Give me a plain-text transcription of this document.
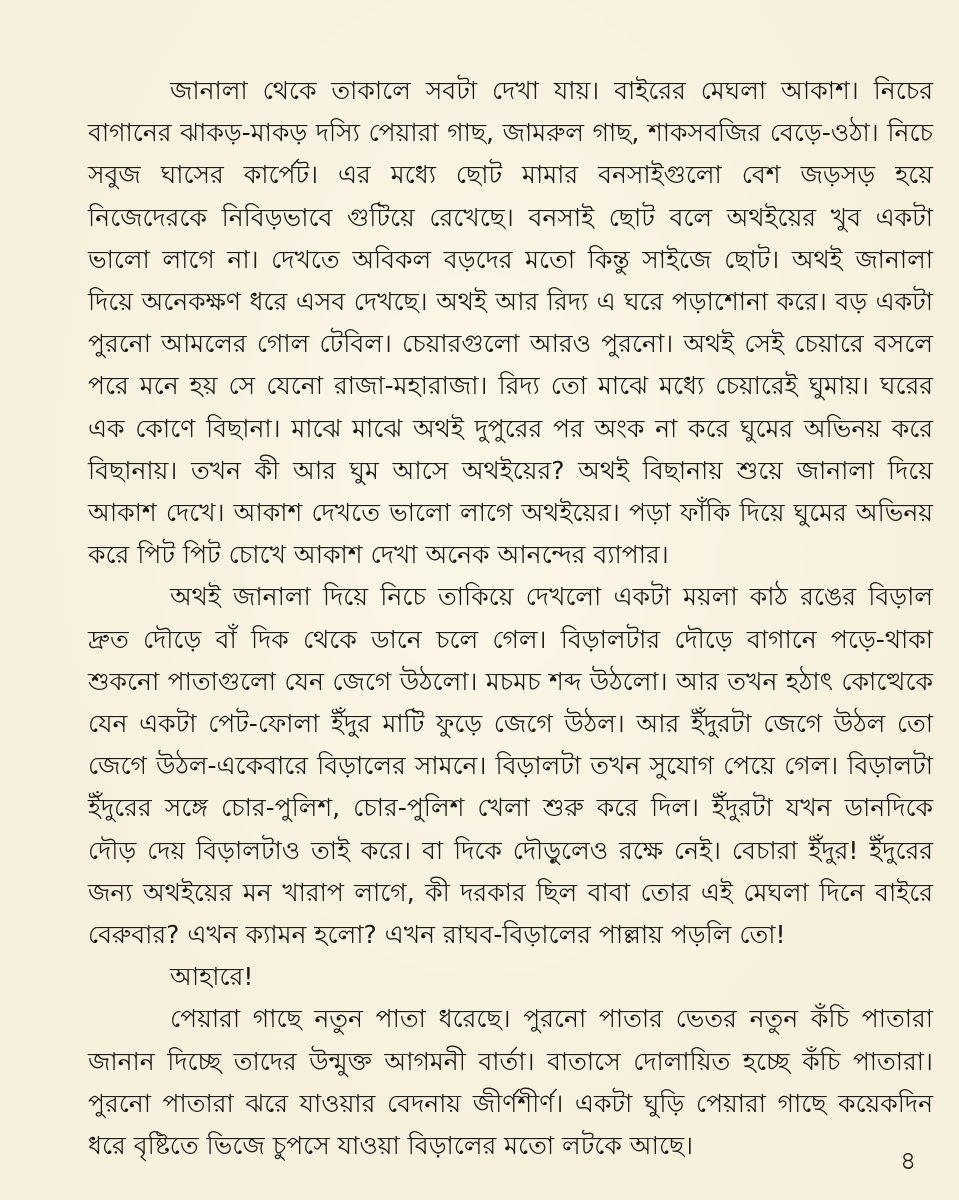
জানালা থেকে তাকালে সবটা দেখা যায়। বাইরের মেঘলা আকাশ। নিচের বাগানের ঝাকড়-মাকড় দস্যি পেয়ারা গাছ, জামরুল গাছ, শাকসবজির বেড়ে-ওঠা। নিচে সবুজ ঘাসের কার্পেট। এর মধ্যে ছোট মামার বনসাইগুলো বেশ জড়সড় হয়ে নিজেদেরকে নিবিড়ভাবে গুটিয়ে রেখেছে। বনসাই ছোট বলে অথইয়ের খুব একটা ভালো লাগে না। দেখতে অবিকল বড়দের মতো কিন্তু সাইজে ছোট। অথই জানালা দিয়ে অনেকক্ষণ ধরে এসব দেখছে। অথই আর রিদ্য এ ঘরে পড়াশোনা করে। বড় একটা পুরনো আমলের গোল টেবিল। চেয়ারগুলো আরও পুরনো। অথই সেই চেয়ারে বসলে পরে মনে হয় সে যেনো রাজা-মহারাজা। রিদ্য তো মাঝে মধ্যে চেয়ারেই ঘুমায়। ঘরের এক কোণে বিছানা। মাঝে মাঝে অথই দুপুরের পর অংক না করে ঘুমের অভিনয় করে বিছানায়। তখন কী আর ঘুম আসে অথইয়ের? অথই বিছানায় শুয়ে জানালা দিয়ে আকাশ দেখে। আকাশ দেখতে ভালো লাগে অথইয়ের। পড়া ফাঁকি দিয়ে ঘুমের অভিনয় করে পিট পিট চোখে আকাশ দেখা অনেক আনন্দের ব্যাপার।

অথই জানালা দিয়ে নিচে তাকিয়ে দেখলো একটা ময়লা কাঠ রঙের বিড়াল দ্রুত দৌড়ে বাঁ দিক থেকে ডানে চলে গেল। বিড়ালটার দৌড়ে বাগানে পড়ে-থাকা শুকনো পাতাগুলো যেন জেগে উঠলো। মচমচ শব্দ উঠলো। আর তখন হঠাৎ কোত্থেকে যেন একটা পেট-ফোলা ইঁদুর মাটি ফুড়ে জেগে উঠল। আর ইঁদুরটা জেগে উঠল তো জেগে উঠল-একেবারে বিড়ালের সামনে। বিড়ালটা তখন সুযোগ পেয়ে গেল। বিড়ালটা ইঁদুরের সঙ্গে চোর-পুলিশ, চোর-পুলিশ খেলা শুরু করে দিল। ইঁদুরটা যখন ডানদিকে দৌড় দেয় বিড়ালটাও তাই করে। বা দিকে দৌড়ুলেও রক্ষে নেই। বেচারা ইঁদুর! ইঁদুরের জন্য অথইয়ের মন খারাপ লাগে, কী দরকার ছিল বাবা তোর এই মেঘলা দিনে বাইরে বেরুবার? এখন ক্যামন হলো? এখন রাঘব-বিড়ালের পাল্লায় পড়লি তো!

আহারে!

পেয়ারা গাছে নতুন পাতা ধরেছে। পুরনো পাতার ভেতর নতুন কঁচি পাতারা জানান দিচ্ছে তাদের উন্মুক্ত আগমনী বার্তা। বাতাসে দোলায়িত হচ্ছে কঁচি পাতারা। পুরনো পাতারা ঝরে যাওয়ার বেদনায় জীর্ণশীর্ণ। একটা ঘুড়ি পেয়ারা গাছে কয়েকদিন ধরে বৃষ্টিতে ভিজে চুপসে যাওয়া বিড়ালের মতো লটকে আছে।

৪
